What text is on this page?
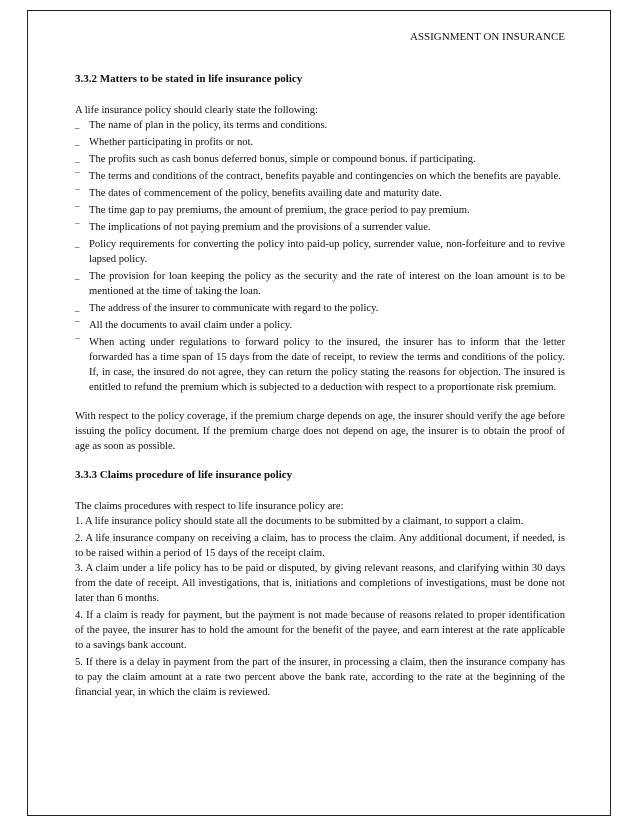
ASSIGNMENT ON INSURANCE
3.3.2 Matters to be stated in life insurance policy

A life insurance policy should clearly state the following:

_ The name of plan in the policy, its terms and conditions.
_ Whether participating in profits or not.
_ The profits such as cash bonus deferred bonus, simple or compound bonus. if participating.
¯ The terms and conditions of the contract, benefits payable and contingencies on which the benefits are payable.
¯ The dates of commencement of the policy, benefits availing date and maturity date.
¯ The time gap to pay premiums, the amount of premium, the grace period to pay premium.
¯ The implications of not paying premium and the provisions of a surrender value.
_ Policy requirements for converting the policy into paid-up policy, surrender value, non-forfeiture and to revive lapsed policy.
_ The provision for loan keeping the policy as the security and the rate of interest on the loan amount is to be mentioned at the time of taking the loan.
_ The address of the insurer to communicate with regard to the policy.
¯ All the documents to avail claim under a policy.
¯ When acting under regulations to forward policy to the insured, the insurer has to inform that the letter forwarded has a time span of 15 days from the date of receipt, to review the terms and conditions of the policy. If, in case, the insured do not agree, they can return the policy stating the reasons for objection. The insured is entitled to refund the premium which is subjected to a deduction with respect to a proportionate risk premium.

With respect to the policy coverage, if the premium charge depends on age, the insurer should verify the age before issuing the policy document. If the premium charge does not depend on age, the insurer is to obtain the proof of age as soon as possible.

3.3.3 Claims procedure of life insurance policy

The claims procedures with respect to life insurance policy are:

1. A life insurance policy should state all the documents to be submitted by a claimant, to support a claim.

2. A life insurance company on receiving a claim, has to process the claim. Any additional document, if needed, is to be raised within a period of 15 days of the receipt claim.

3. A claim under a life policy has to be paid or disputed, by giving relevant reasons, and clarifying within 30 days from the date of receipt. All investigations, that is, initiations and completions of investigations, must be done not later than 6 months.

4. If a claim is ready for payment, but the payment is not made because of reasons related to proper identification of the payee, the insurer has to hold the amount for the benefit of the payee, and earn interest at the rate applicable to a savings bank account.

5. If there is a delay in payment from the part of the insurer, in processing a claim, then the insurance company has to pay the claim amount at a rate two percent above the bank rate, according to the rate at the beginning of the financial year, in which the claim is reviewed.
